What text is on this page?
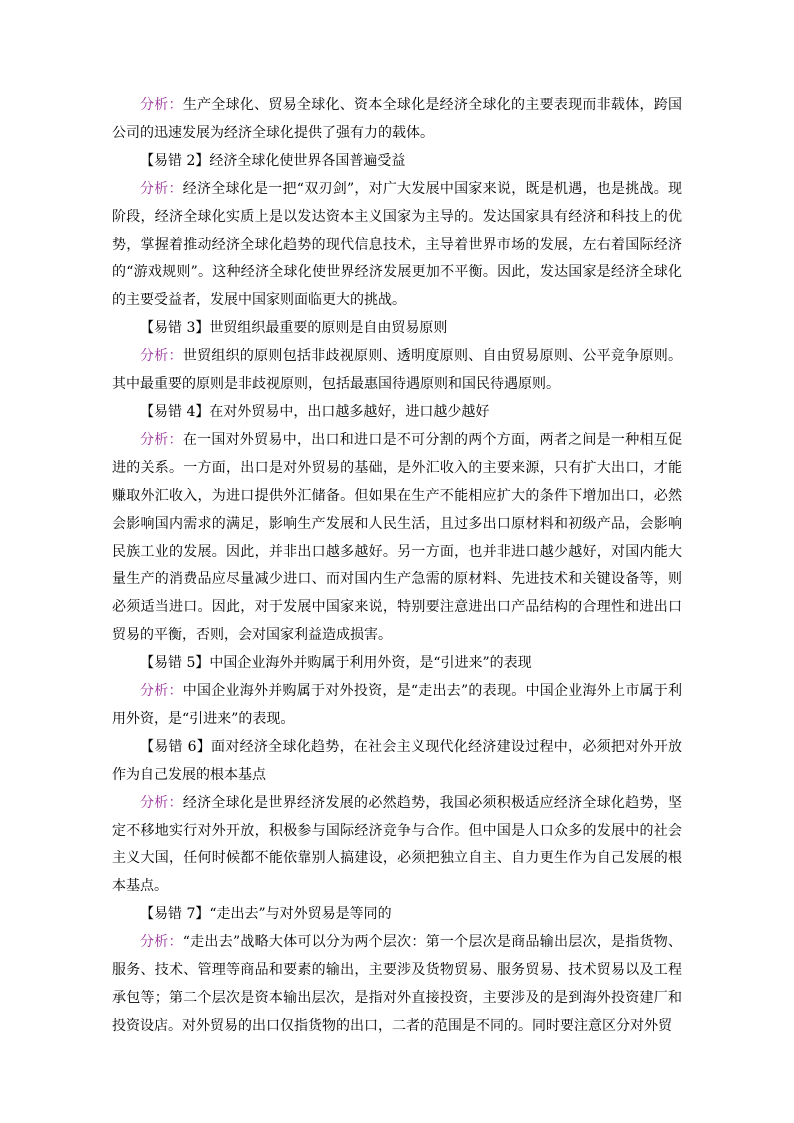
分析：生产全球化、贸易全球化、资本全球化是经济全球化的主要表现而非载体，跨国公司的迅速发展为经济全球化提供了强有力的载体。

【易错 2】经济全球化使世界各国普遍受益

分析：经济全球化是一把“双刃剑”，对广大发展中国家来说，既是机遇，也是挑战。现阶段，经济全球化实质上是以发达资本主义国家为主导的。发达国家具有经济和科技上的优势，掌握着推动经济全球化趋势的现代信息技术，主导着世界市场的发展，左右着国际经济的“游戏规则”。这种经济全球化使世界经济发展更加不平衡。因此，发达国家是经济全球化的主要受益者，发展中国家则面临更大的挑战。

【易错 3】世贸组织最重要的原则是自由贸易原则

分析：世贸组织的原则包括非歧视原则、透明度原则、自由贸易原则、公平竞争原则。其中最重要的原则是非歧视原则，包括最惠国待遇原则和国民待遇原则。

【易错 4】在对外贸易中，出口越多越好，进口越少越好

分析：在一国对外贸易中，出口和进口是不可分割的两个方面，两者之间是一种相互促进的关系。一方面，出口是对外贸易的基础，是外汇收入的主要来源，只有扩大出口，才能赚取外汇收入，为进口提供外汇储备。但如果在生产不能相应扩大的条件下增加出口，必然会影响国内需求的满足，影响生产发展和人民生活，且过多出口原材料和初级产品，会影响民族工业的发展。因此，并非出口越多越好。另一方面，也并非进口越少越好，对国内能大量生产的消费品应尽量减少进口、而对国内生产急需的原材料、先进技术和关键设备等，则必须适当进口。因此，对于发展中国家来说，特别要注意进出口产品结构的合理性和进出口贸易的平衡，否则，会对国家利益造成损害。

【易错 5】中国企业海外并购属于利用外资，是“引进来”的表现

分析：中国企业海外并购属于对外投资，是“走出去”的表现。中国企业海外上市属于利用外资，是“引进来”的表现。

【易错 6】面对经济全球化趋势，在社会主义现代化经济建设过程中，必须把对外开放作为自己发展的根本基点

分析：经济全球化是世界经济发展的必然趋势，我国必须积极适应经济全球化趋势，坚定不移地实行对外开放，积极参与国际经济竞争与合作。但中国是人口众多的发展中的社会主义大国，任何时候都不能依靠别人搞建设，必须把独立自主、自力更生作为自己发展的根本基点。

【易错 7】“走出去”与对外贸易是等同的

分析：“走出去”战略大体可以分为两个层次：第一个层次是商品输出层次，是指货物、服务、技术、管理等商品和要素的输出，主要涉及货物贸易、服务贸易、技术贸易以及工程承包等；第二个层次是资本输出层次，是指对外直接投资，主要涉及的是到海外投资建厂和投资设店。对外贸易的出口仅指货物的出口，二者的范围是不同的。同时要注意区分对外贸
